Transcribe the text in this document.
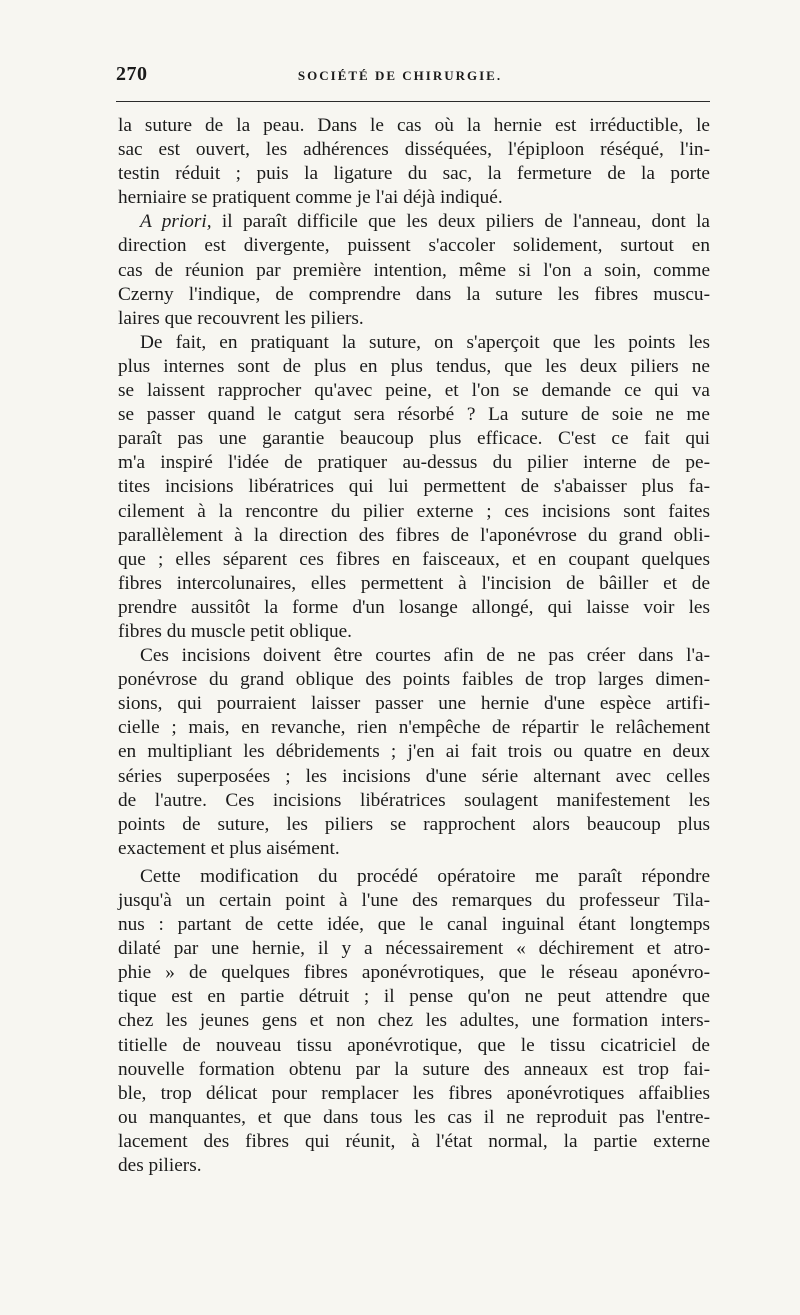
270	SOCIÉTÉ DE CHIRURGIE.
la suture de la peau. Dans le cas où la hernie est irréductible, le
sac est ouvert, les adhérences disséquées, l'épiploon réséqué, l'in-
testin réduit ; puis la ligature du sac, la fermeture de la porte
herniaire se pratiquent comme je l'ai déjà indiqué.
A priori, il paraît difficile que les deux piliers de l'anneau, dont la
direction est divergente, puissent s'accoler solidement, surtout en
cas de réunion par première intention, même si l'on a soin, comme
Czerny l'indique, de comprendre dans la suture les fibres muscu-
laires que recouvrent les piliers.
De fait, en pratiquant la suture, on s'aperçoit que les points les
plus internes sont de plus en plus tendus, que les deux piliers ne
se laissent rapprocher qu'avec peine, et l'on se demande ce qui va
se passer quand le catgut sera résorbé ? La suture de soie ne me
paraît pas une garantie beaucoup plus efficace. C'est ce fait qui
m'a inspiré l'idée de pratiquer au-dessus du pilier interne de pe-
tites incisions libératrices qui lui permettent de s'abaisser plus fa-
cilement à la rencontre du pilier externe ; ces incisions sont faites
parallèlement à la direction des fibres de l'aponévrose du grand obli-
que ; elles séparent ces fibres en faisceaux, et en coupant quelques
fibres intercolunaires, elles permettent à l'incision de bâiller et de
prendre aussitôt la forme d'un losange allongé, qui laisse voir les
fibres du muscle petit oblique.
Ces incisions doivent être courtes afin de ne pas créer dans l'a-
ponévrose du grand oblique des points faibles de trop larges dimen-
sions, qui pourraient laisser passer une hernie d'une espèce artifi-
cielle ; mais, en revanche, rien n'empêche de répartir le relâchement
en multipliant les débridements ; j'en ai fait trois ou quatre en deux
séries superposées ; les incisions d'une série alternant avec celles
de l'autre. Ces incisions libératrices soulagent manifestement les
points de suture, les piliers se rapprochent alors beaucoup plus
exactement et plus aisément.
Cette modification du procédé opératoire me paraît répondre
jusqu'à un certain point à l'une des remarques du professeur Tila-
nus : partant de cette idée, que le canal inguinal étant longtemps
dilaté par une hernie, il y a nécessairement « déchirement et atro-
phie » de quelques fibres aponévrotiques, que le réseau aponévro-
tique est en partie détruit ; il pense qu'on ne peut attendre que
chez les jeunes gens et non chez les adultes, une formation inters-
titielle de nouveau tissu aponévrotique, que le tissu cicatriciel de
nouvelle formation obtenu par la suture des anneaux est trop fai-
ble, trop délicat pour remplacer les fibres aponévrotiques affaiblies
ou manquantes, et que dans tous les cas il ne reproduit pas l'entre-
lacement des fibres qui réunit, à l'état normal, la partie externe
des piliers.
